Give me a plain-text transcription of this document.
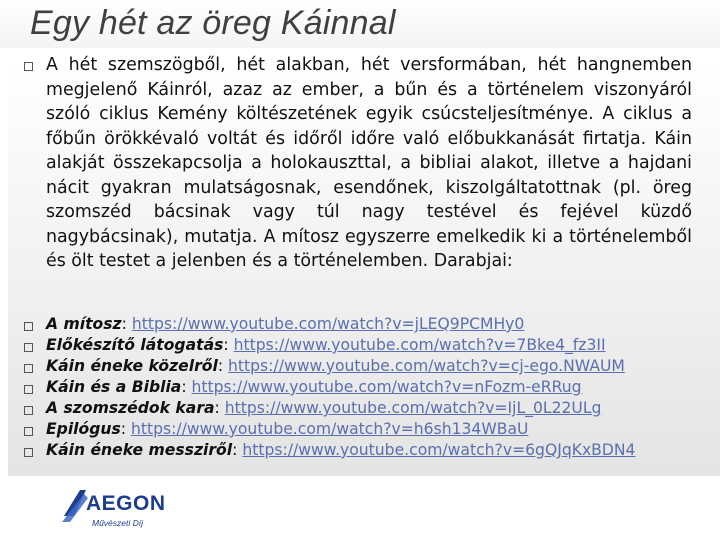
Egy hét az öreg Káinnal
A hét szemszögből, hét alakban, hét versformában, hét hangnemben megjelenő Káinról, azaz az ember, a bűn és a történelem viszonyáról szóló ciklus Kemény költészetének egyik csúcsteljesítménye. A ciklus a főbűn örökkévaló voltát és időről időre való előbukkanását firtatja. Káin alakját összekapcsolja a holokauszttal, a bibliai alakot, illetve a hajdani nácit gyakran mulatságosnak, esendőnek, kiszolgáltatottnak (pl. öreg szomszéd bácsinak vagy túl nagy testével és fejével küzdő nagybácsinak), mutatja. A mítosz egyszerre emelkedik ki a történelemből és ölt testet a jelenben és a történelemben. Darabjai:
A mítosz: https://www.youtube.com/watch?v=jLEQ9PCMHy0
Előkészítő látogatás: https://www.youtube.com/watch?v=7Bke4_fz3II
Káin éneke közelről: https://www.youtube.com/watch?v=cj-ego.NWAUM
Káin és a Biblia: https://www.youtube.com/watch?v=nFozm-eRRug
A szomszédok kara: https://www.youtube.com/watch?v=IjL_0L22ULg
Epilógus: https://www.youtube.com/watch?v=h6sh134WBaU
Káin éneke messziről: https://www.youtube.com/watch?v=6gQJqKxBDN4
AEGON
Művészeti Díj
